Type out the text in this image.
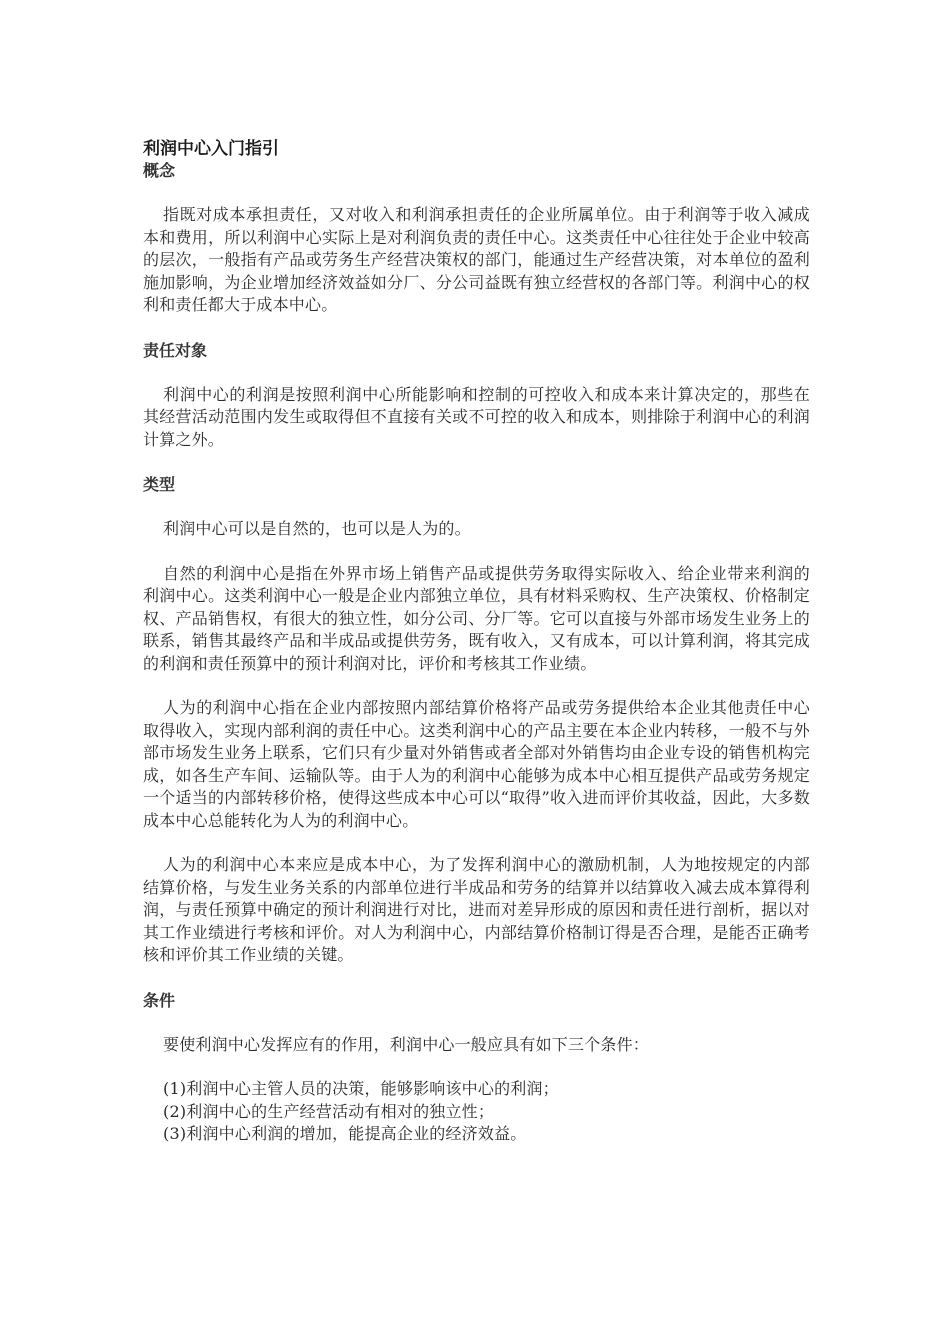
利润中心入门指引
概念

指既对成本承担责任，又对收入和利润承担责任的企业所属单位。由于利润等于收入减成本和费用，所以利润中心实际上是对利润负责的责任中心。这类责任中心往往处于企业中较高的层次，一般指有产品或劳务生产经营决策权的部门，能通过生产经营决策，对本单位的盈利施加影响，为企业增加经济效益如分厂、分公司益既有独立经营权的各部门等。利润中心的权利和责任都大于成本中心。

责任对象

利润中心的利润是按照利润中心所能影响和控制的可控收入和成本来计算决定的，那些在其经营活动范围内发生或取得但不直接有关或不可控的收入和成本，则排除于利润中心的利润计算之外。

类型

利润中心可以是自然的，也可以是人为的。

自然的利润中心是指在外界市场上销售产品或提供劳务取得实际收入、给企业带来利润的利润中心。这类利润中心一般是企业内部独立单位，具有材料采购权、生产决策权、价格制定权、产品销售权，有很大的独立性，如分公司、分厂等。它可以直接与外部市场发生业务上的联系，销售其最终产品和半成品或提供劳务，既有收入，又有成本，可以计算利润，将其完成的利润和责任预算中的预计利润对比，评价和考核其工作业绩。

人为的利润中心指在企业内部按照内部结算价格将产品或劳务提供给本企业其他责任中心取得收入，实现内部利润的责任中心。这类利润中心的产品主要在本企业内转移，一般不与外部市场发生业务上联系，它们只有少量对外销售或者全部对外销售均由企业专设的销售机构完成，如各生产车间、运输队等。由于人为的利润中心能够为成本中心相互提供产品或劳务规定一个适当的内部转移价格，使得这些成本中心可以“取得”收入进而评价其收益，因此，大多数成本中心总能转化为人为的利润中心。

人为的利润中心本来应是成本中心，为了发挥利润中心的激励机制，人为地按规定的内部结算价格，与发生业务关系的内部单位进行半成品和劳务的结算并以结算收入减去成本算得利润，与责任预算中确定的预计利润进行对比，进而对差异形成的原因和责任进行剖析，据以对其工作业绩进行考核和评价。对人为利润中心，内部结算价格制订得是否合理，是能否正确考核和评价其工作业绩的关键。

条件

要使利润中心发挥应有的作用，利润中心一般应具有如下三个条件：

(1)利润中心主管人员的决策，能够影响该中心的利润；
(2)利润中心的生产经营活动有相对的独立性；
(3)利润中心利润的增加，能提高企业的经济效益。
